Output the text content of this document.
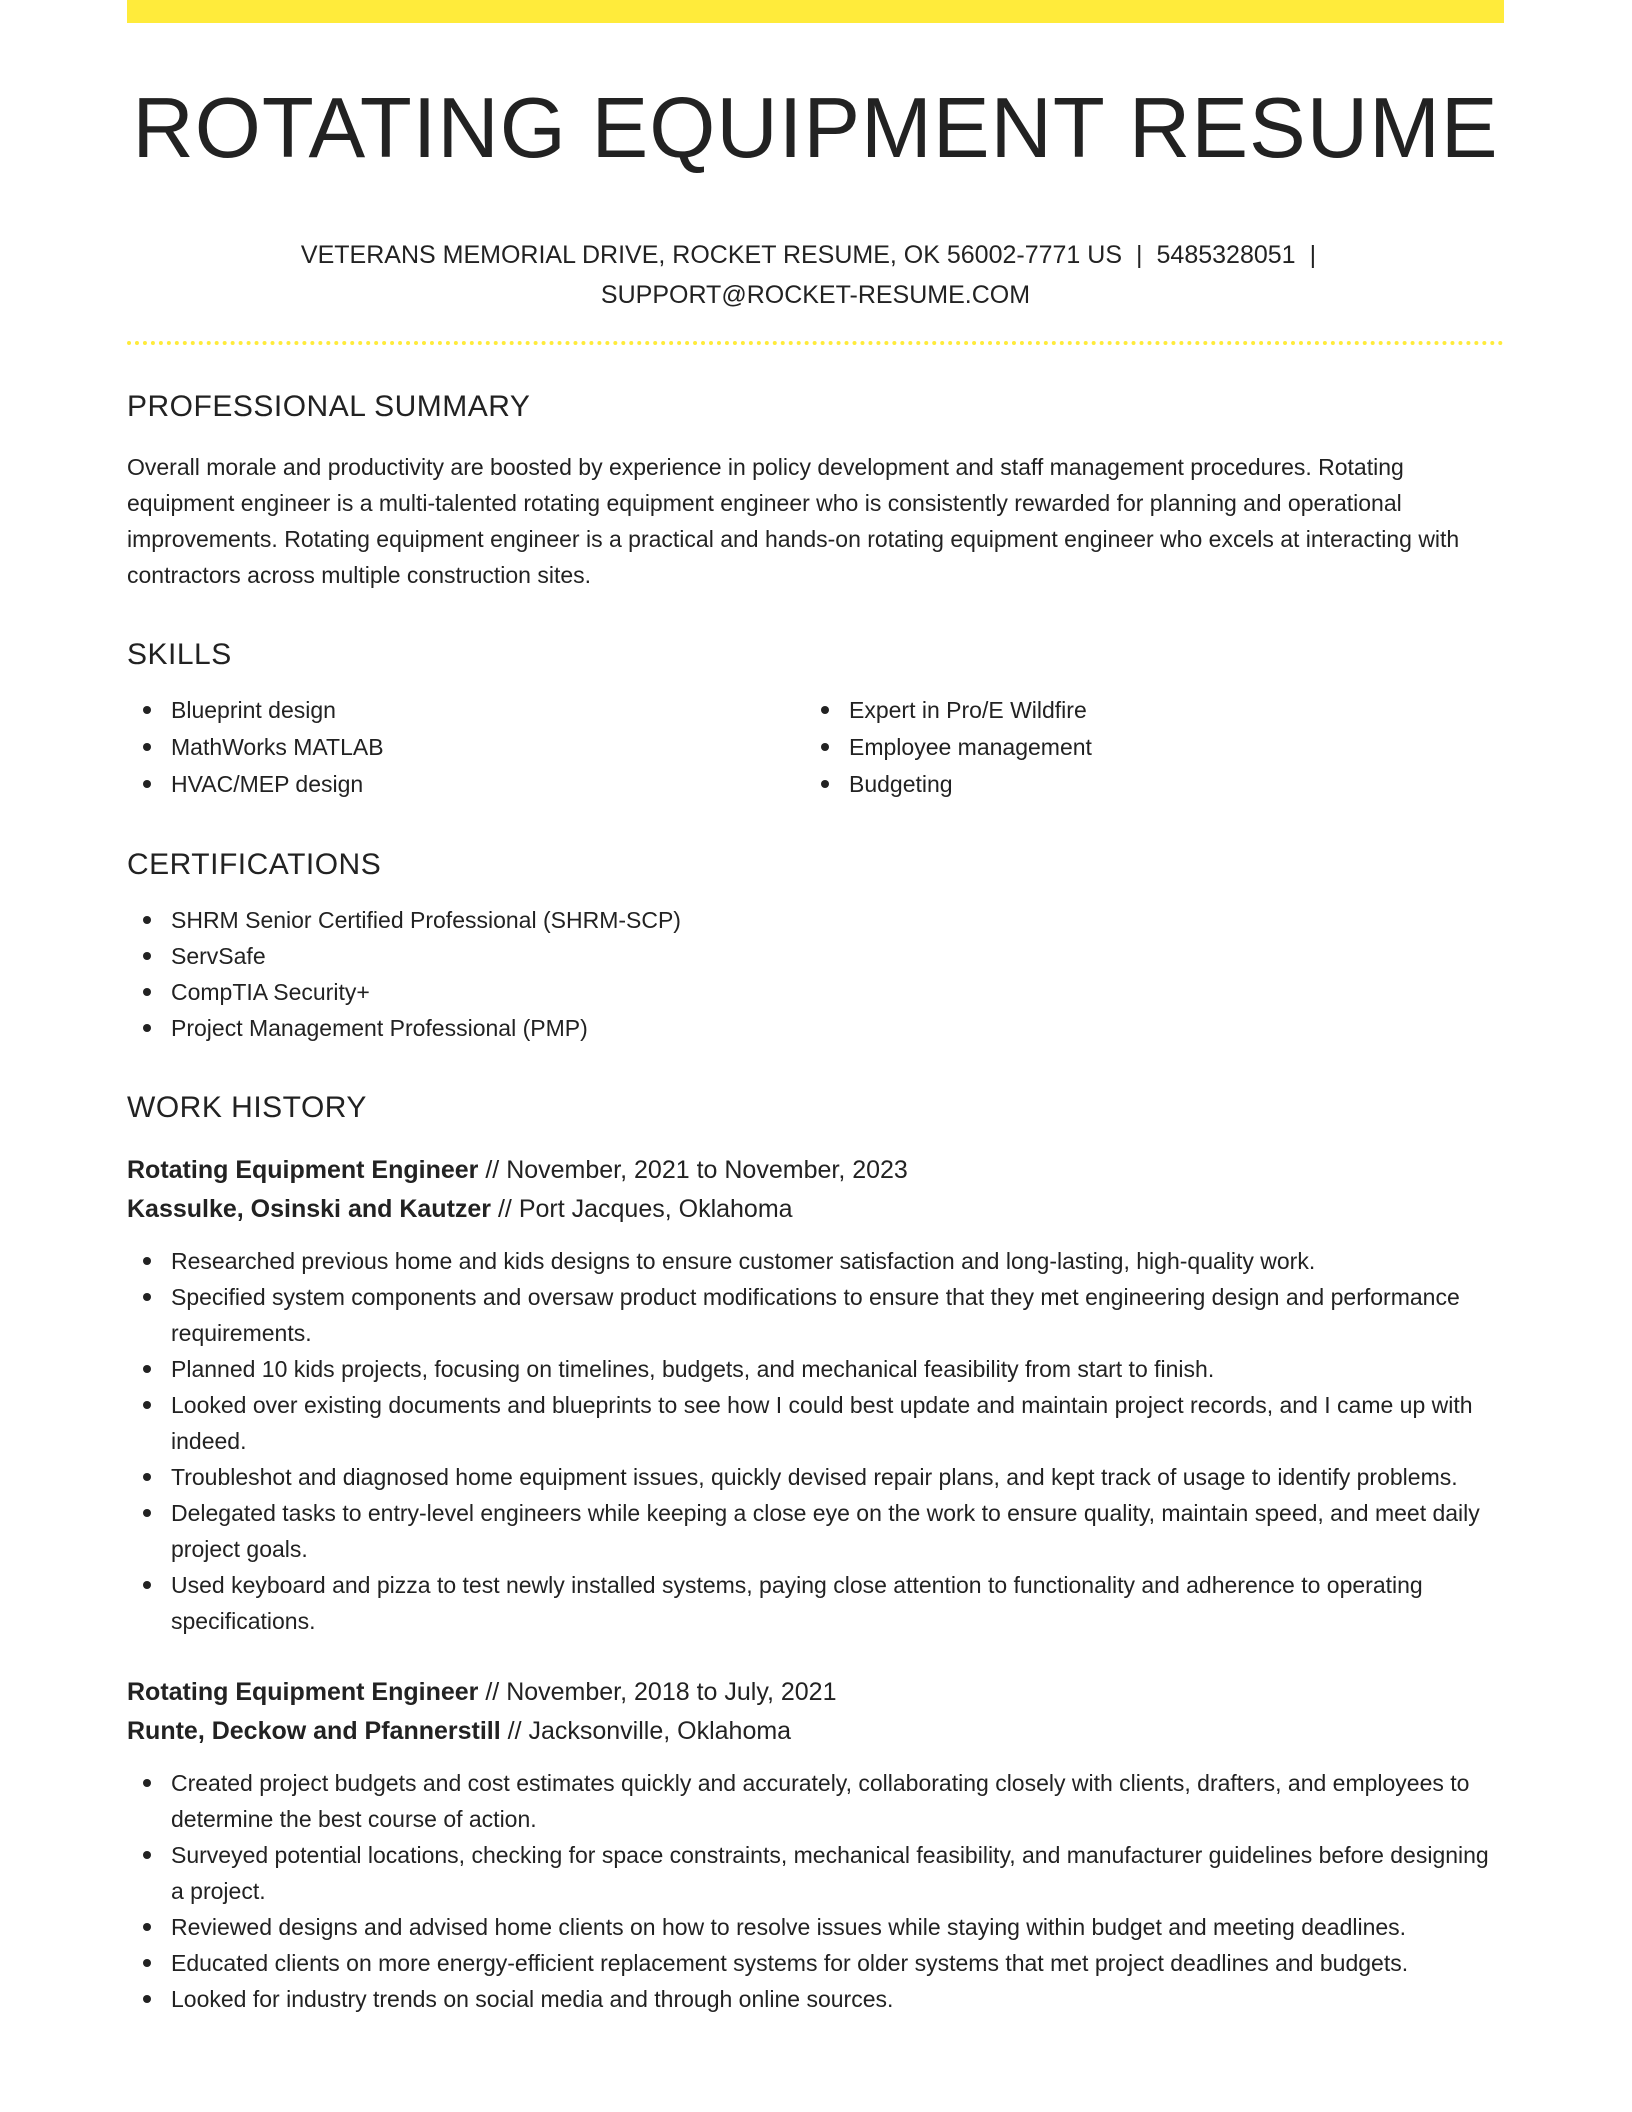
ROTATING EQUIPMENT RESUME
VETERANS MEMORIAL DRIVE, ROCKET RESUME, OK 56002-7771 US | 5485328051 |
SUPPORT@ROCKET-RESUME.COM
PROFESSIONAL SUMMARY
Overall morale and productivity are boosted by experience in policy development and staff management procedures. Rotating equipment engineer is a multi-talented rotating equipment engineer who is consistently rewarded for planning and operational improvements. Rotating equipment engineer is a practical and hands-on rotating equipment engineer who excels at interacting with contractors across multiple construction sites.
SKILLS
Blueprint design
MathWorks MATLAB
HVAC/MEP design
Expert in Pro/E Wildfire
Employee management
Budgeting
CERTIFICATIONS
SHRM Senior Certified Professional (SHRM-SCP)
ServSafe
CompTIA Security+
Project Management Professional (PMP)
WORK HISTORY
Rotating Equipment Engineer // November, 2021 to November, 2023
Kassulke, Osinski and Kautzer // Port Jacques, Oklahoma
Researched previous home and kids designs to ensure customer satisfaction and long-lasting, high-quality work.
Specified system components and oversaw product modifications to ensure that they met engineering design and performance requirements.
Planned 10 kids projects, focusing on timelines, budgets, and mechanical feasibility from start to finish.
Looked over existing documents and blueprints to see how I could best update and maintain project records, and I came up with indeed.
Troubleshot and diagnosed home equipment issues, quickly devised repair plans, and kept track of usage to identify problems.
Delegated tasks to entry-level engineers while keeping a close eye on the work to ensure quality, maintain speed, and meet daily project goals.
Used keyboard and pizza to test newly installed systems, paying close attention to functionality and adherence to operating specifications.
Rotating Equipment Engineer // November, 2018 to July, 2021
Runte, Deckow and Pfannerstill // Jacksonville, Oklahoma
Created project budgets and cost estimates quickly and accurately, collaborating closely with clients, drafters, and employees to determine the best course of action.
Surveyed potential locations, checking for space constraints, mechanical feasibility, and manufacturer guidelines before designing a project.
Reviewed designs and advised home clients on how to resolve issues while staying within budget and meeting deadlines.
Educated clients on more energy-efficient replacement systems for older systems that met project deadlines and budgets.
Looked for industry trends on social media and through online sources.
